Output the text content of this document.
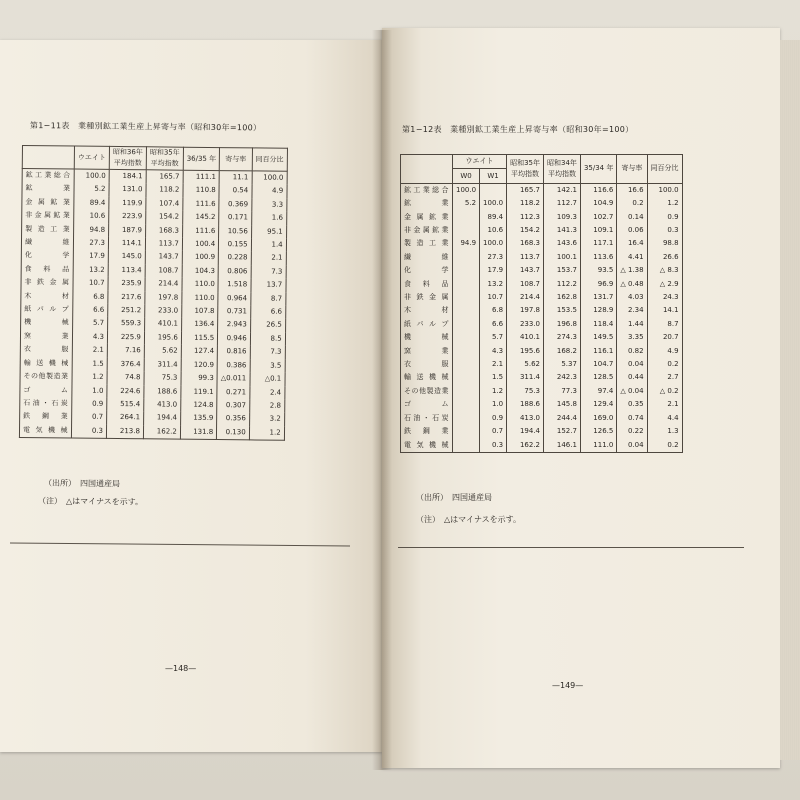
第1−11表　業種別鉱工業生産上昇寄与率（昭和30年=100）
	ウエイト	昭和36年
平均指数	昭和35年
平均指数	36/35 年	寄与率	同百分比
鉱工業総合	100.0	184.1	165.7	111.1	11.1	100.0
鉱業	5.2	131.0	118.2	110.8	0.54	4.9
金属鉱業	89.4	119.9	107.4	111.6	0.369	3.3
非金属鉱業	10.6	223.9	154.2	145.2	0.171	1.6
製造工業	94.8	187.9	168.3	111.6	10.56	95.1
繊維	27.3	114.1	113.7	100.4	0.155	1.4
化学	17.9	145.0	143.7	100.9	0.228	2.1
食料品	13.2	113.4	108.7	104.3	0.806	7.3
非鉄金属	10.7	235.9	214.4	110.0	1.518	13.7
木材	6.8	217.6	197.8	110.0	0.964	8.7
紙パルプ	6.6	251.2	233.0	107.8	0.731	6.6
機械	5.7	559.3	410.1	136.4	2.943	26.5
窯業	4.3	225.9	195.6	115.5	0.946	8.5
衣服	2.1	7.16	5.62	127.4	0.816	7.3
輸送機械	1.5	376.4	311.4	120.9	0.386	3.5
その他製造業	1.2	74.8	75.3	99.3	△0.011	△0.1
ゴム	1.0	224.6	188.6	119.1	0.271	2.4
石油・石炭	0.9	515.4	413.0	124.8	0.307	2.8
鉄鋼業	0.7	264.1	194.4	135.9	0.356	3.2
電気機械	0.3	213.8	162.2	131.8	0.130	1.2
（出所）　四国通産局
（注）　△はマイナスを示す。
—148—
第1−12表　業種別鉱工業生産上昇寄与率（昭和30年=100）
	ウエイト		昭和35年
平均指数	昭和34年
平均指数	35/34 年	寄与率	同百分比
	W0	W1					
鉱工業総合	100.0		165.7	142.1	116.6	16.6	100.0
鉱業	5.2	100.0	118.2	112.7	104.9	0.2	1.2
金属鉱業		89.4	112.3	109.3	102.7	0.14	0.9
非金属鉱業		10.6	154.2	141.3	109.1	0.06	0.3
製造工業	94.9	100.0	168.3	143.6	117.1	16.4	98.8
繊維		27.3	113.7	100.1	113.6	4.41	26.6
化学		17.9	143.7	153.7	93.5	△ 1.38	△ 8.3
食料品		13.2	108.7	112.2	96.9	△ 0.48	△ 2.9
非鉄金属		10.7	214.4	162.8	131.7	4.03	24.3
木材		6.8	197.8	153.5	128.9	2.34	14.1
紙パルプ		6.6	233.0	196.8	118.4	1.44	8.7
機械		5.7	410.1	274.3	149.5	3.35	20.7
窯業		4.3	195.6	168.2	116.1	0.82	4.9
衣服		2.1	5.62	5.37	104.7	0.04	0.2
輸送機械		1.5	311.4	242.3	128.5	0.44	2.7
その他製造業		1.2	75.3	77.3	97.4	△ 0.04	△ 0.2
ゴム		1.0	188.6	145.8	129.4	0.35	2.1
石油・石炭		0.9	413.0	244.4	169.0	0.74	4.4
鉄鋼業		0.7	194.4	152.7	126.5	0.22	1.3
電気機械		0.3	162.2	146.1	111.0	0.04	0.2
（出所）　四国通産局
（注）　△はマイナスを示す。
—149—
